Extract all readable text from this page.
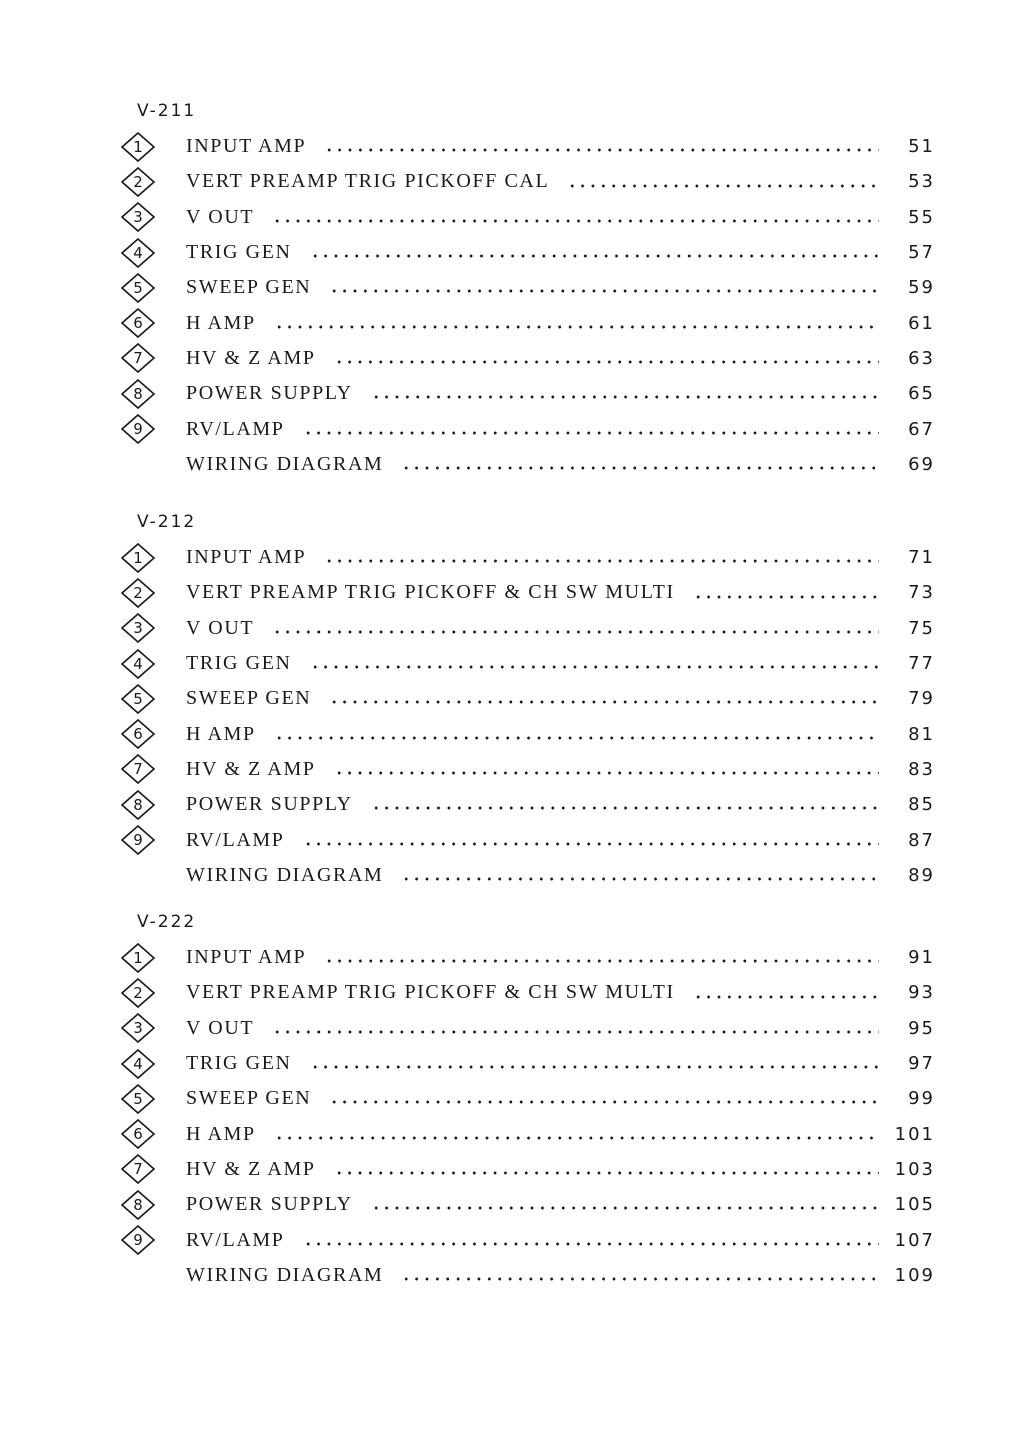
V-211
1	INPUT AMP	51
2	VERT PREAMP TRIG PICKOFF CAL	53
3	V OUT	55
4	TRIG GEN	57
5	SWEEP GEN	59
6	H AMP	61
7	HV & Z AMP	63
8	POWER SUPPLY	65
9	RV/LAMP	67
WIRING DIAGRAM	69
V-212
1	INPUT AMP	71
2	VERT PREAMP TRIG PICKOFF & CH SW MULTI	73
3	V OUT	75
4	TRIG GEN	77
5	SWEEP GEN	79
6	H AMP	81
7	HV & Z AMP	83
8	POWER SUPPLY	85
9	RV/LAMP	87
WIRING DIAGRAM	89
V-222
1	INPUT AMP	91
2	VERT PREAMP TRIG PICKOFF & CH SW MULTI	93
3	V OUT	95
4	TRIG GEN	97
5	SWEEP GEN	99
6	H AMP	101
7	HV & Z AMP	103
8	POWER SUPPLY	105
9	RV/LAMP	107
WIRING DIAGRAM	109
